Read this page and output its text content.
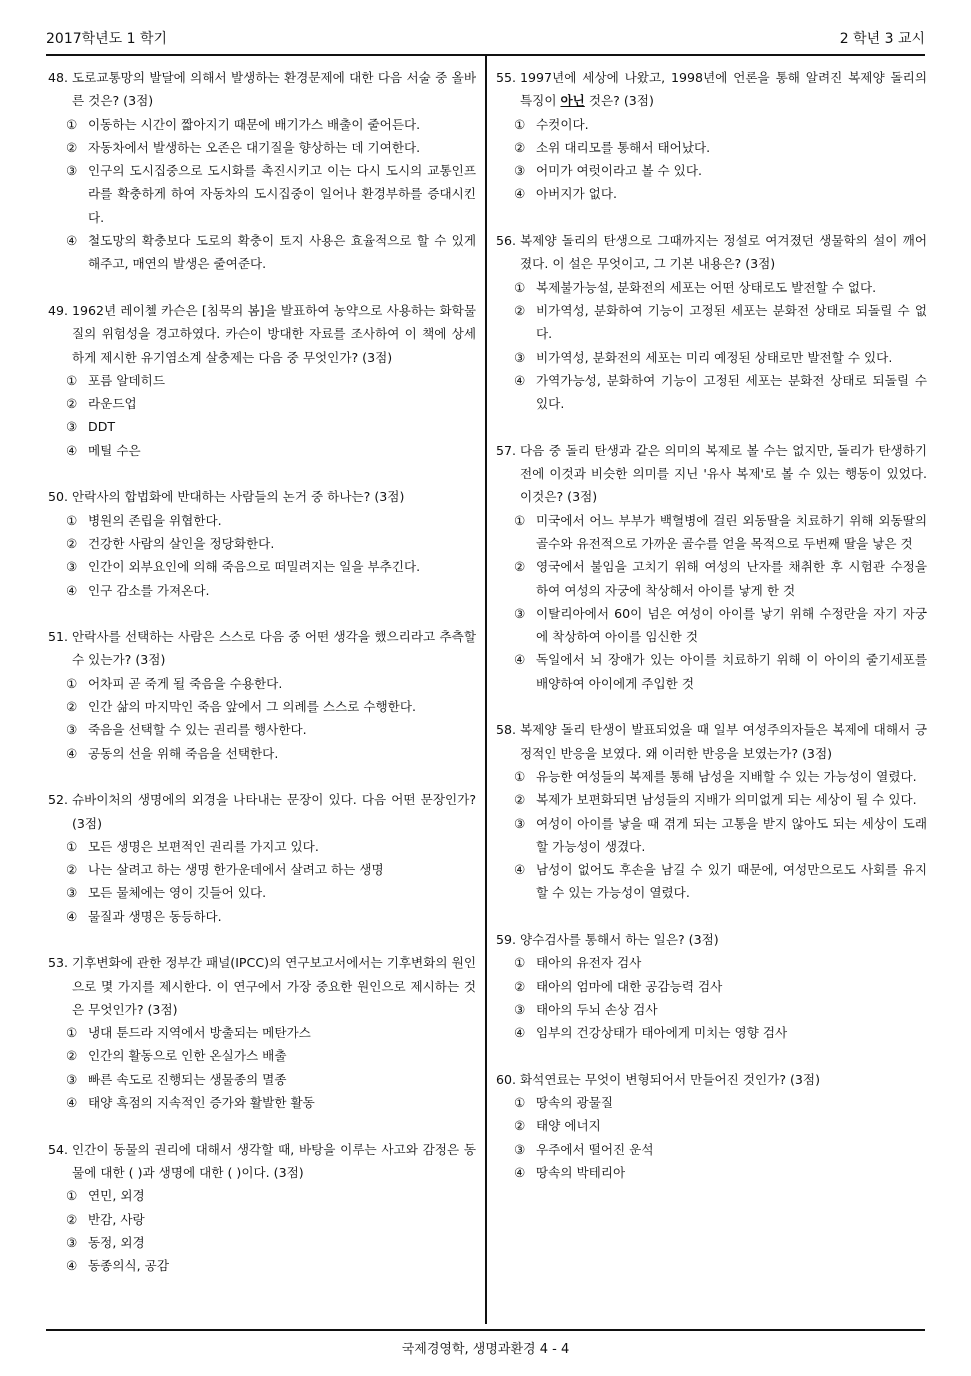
2017학년도 1 학기	2 학년 3 교시
48. 도로교통망의 발달에 의해서 발생하는 환경문제에 대한 다음 서술 중 올바른 것은? (3점)
① 이동하는 시간이 짧아지기 때문에 배기가스 배출이 줄어든다.
② 자동차에서 발생하는 오존은 대기질을 향상하는 데 기여한다.
③ 인구의 도시집중으로 도시화를 촉진시키고 이는 다시 도시의 교통인프라를 확충하게 하여 자동차의 도시집중이 일어나 환경부하를 증대시킨다.
④ 철도망의 확충보다 도로의 확충이 토지 사용은 효율적으로 할 수 있게 해주고, 매연의 발생은 줄여준다.
49. 1962년 레이첼 카슨은 [침묵의 봄]을 발표하여 농약으로 사용하는 화학물질의 위험성을 경고하였다. 카슨이 방대한 자료를 조사하여 이 책에 상세하게 제시한 유기염소계 살충제는 다음 중 무엇인가? (3점)
① 포름 알데히드
② 라운드업
③ DDT
④ 메틸 수은
50. 안락사의 합법화에 반대하는 사람들의 논거 중 하나는? (3점)
① 병원의 존립을 위협한다.
② 건강한 사람의 살인을 정당화한다.
③ 인간이 외부요인에 의해 죽음으로 떠밀려지는 일을 부추긴다.
④ 인구 감소를 가져온다.
51. 안락사를 선택하는 사람은 스스로 다음 중 어떤 생각을 했으리라고 추측할 수 있는가? (3점)
① 어차피 곧 죽게 될 죽음을 수용한다.
② 인간 삶의 마지막인 죽음 앞에서 그 의례를 스스로 수행한다.
③ 죽음을 선택할 수 있는 권리를 행사한다.
④ 공동의 선을 위해 죽음을 선택한다.
52. 슈바이처의 생명에의 외경을 나타내는 문장이 있다. 다음 어떤 문장인가? (3점)
① 모든 생명은 보편적인 권리를 가지고 있다.
② 나는 살려고 하는 생명 한가운데에서 살려고 하는 생명
③ 모든 물체에는 영이 깃들어 있다.
④ 물질과 생명은 동등하다.
53. 기후변화에 관한 정부간 패널(IPCC)의 연구보고서에서는 기후변화의 원인으로 몇 가지를 제시한다. 이 연구에서 가장 중요한 원인으로 제시하는 것은 무엇인가? (3점)
① 냉대 툰드라 지역에서 방출되는 메탄가스
② 인간의 활동으로 인한 온실가스 배출
③ 빠른 속도로 진행되는 생물종의 멸종
④ 태양 흑점의 지속적인 증가와 활발한 활동
54. 인간이 동물의 권리에 대해서 생각할 때, 바탕을 이루는 사고와 감정은 동물에 대한 ( )과 생명에 대한 ( )이다. (3점)
① 연민, 외경
② 반감, 사랑
③ 동정, 외경
④ 동종의식, 공감
55. 1997년에 세상에 나왔고, 1998년에 언론을 통해 알려진 복제양 돌리의 특징이 아닌 것은? (3점)
① 수컷이다.
② 소위 대리모를 통해서 태어났다.
③ 어미가 여럿이라고 볼 수 있다.
④ 아버지가 없다.
56. 복제양 돌리의 탄생으로 그때까지는 정설로 여겨졌던 생물학의 설이 깨어졌다. 이 설은 무엇이고, 그 기본 내용은? (3점)
① 복제불가능설, 분화전의 세포는 어떤 상태로도 발전할 수 없다.
② 비가역성, 분화하여 기능이 고정된 세포는 분화전 상태로 되돌릴 수 없다.
③ 비가역성, 분화전의 세포는 미리 예정된 상태로만 발전할 수 있다.
④ 가역가능성, 분화하여 기능이 고정된 세포는 분화전 상태로 되돌릴 수 있다.
57. 다음 중 돌리 탄생과 같은 의미의 복제로 볼 수는 없지만, 돌리가 탄생하기 전에 이것과 비슷한 의미를 지닌 '유사 복제'로 볼 수 있는 행동이 있었다. 이것은? (3점)
① 미국에서 어느 부부가 백혈병에 걸린 외동딸을 치료하기 위해 외동딸의 골수와 유전적으로 가까운 골수를 얻을 목적으로 두번째 딸을 낳은 것
② 영국에서 불임을 고치기 위해 여성의 난자를 채취한 후 시험관 수정을 하여 여성의 자궁에 착상해서 아이를 낳게 한 것
③ 이탈리아에서 60이 넘은 여성이 아이를 낳기 위해 수정란을 자기 자궁에 착상하여 아이를 임신한 것
④ 독일에서 뇌 장애가 있는 아이를 치료하기 위해 이 아이의 줄기세포를 배양하여 아이에게 주입한 것
58. 복제양 돌리 탄생이 발표되었을 때 일부 여성주의자들은 복제에 대해서 긍정적인 반응을 보였다. 왜 이러한 반응을 보였는가? (3점)
① 유능한 여성들의 복제를 통해 남성을 지배할 수 있는 가능성이 열렸다.
② 복제가 보편화되면 남성들의 지배가 의미없게 되는 세상이 될 수 있다.
③ 여성이 아이를 낳을 때 겪게 되는 고통을 받지 않아도 되는 세상이 도래할 가능성이 생겼다.
④ 남성이 없어도 후손을 남길 수 있기 때문에, 여성만으로도 사회를 유지할 수 있는 가능성이 열렸다.
59. 양수검사를 통해서 하는 일은? (3점)
① 태아의 유전자 검사
② 태아의 엄마에 대한 공감능력 검사
③ 태아의 두뇌 손상 검사
④ 임부의 건강상태가 태아에게 미치는 영향 검사
60. 화석연료는 무엇이 변형되어서 만들어진 것인가? (3점)
① 땅속의 광물질
② 태양 에너지
③ 우주에서 떨어진 운석
④ 땅속의 박테리아
국제경영학, 생명과환경 4 - 4
